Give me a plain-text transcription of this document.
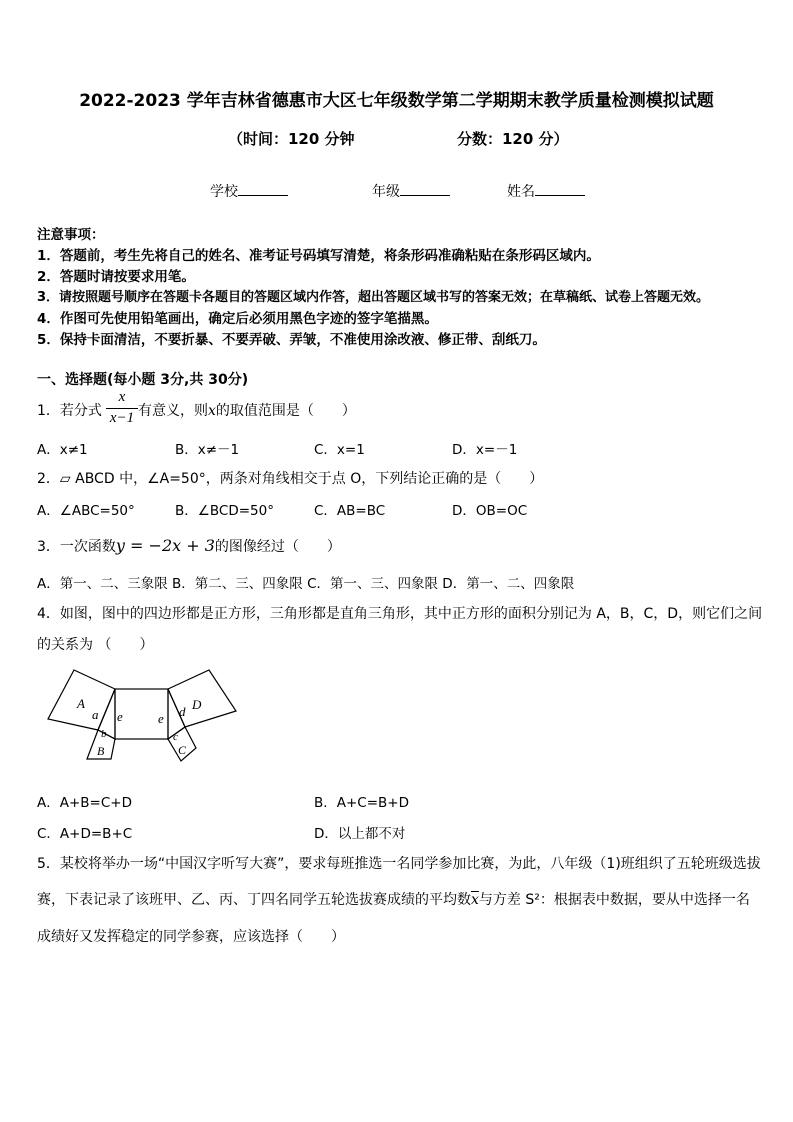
2022-2023 学年吉林省德惠市大区七年级数学第二学期期末教学质量检测模拟试题
（时间：120 分钟	分数：120 分）
学校	年级	姓名
注意事项：
1．答题前，考生先将自己的姓名、准考证号码填写清楚，将条形码准确粘贴在条形码区域内。
2．答题时请按要求用笔。
3．请按照题号顺序在答题卡各题目的答题区域内作答，超出答题区域书写的答案无效；在草稿纸、试卷上答题无效。
4．作图可先使用铅笔画出，确定后必须用黑色字迹的签字笔描黑。
5．保持卡面清洁，不要折暴、不要弄破、弄皱，不准使用涂改液、修正带、刮纸刀。
一、选择题(每小题 3分,共 30分)
1．若分式
x
x−1 有意义，则x的取值范围是（　　）
A．x≠1	B．x≠－1	C．x=1	D．x=－1
2．▱ ABCD 中，∠A=50°，两条对角线相交于点 O，下列结论正确的是（　　）
A．∠ABC=50°	B．∠BCD=50°	C．AB=BC	D．OB=OC
3．一次函数y = −2x + 3的图像经过（　　）
A．第一、二、三象限 B．第二、三、四象限 C．第一、三、四象限 D．第一、二、四象限
4．如图，图中的四边形都是正方形，三角形都是直角三角形，其中正方形的面积分别记为 A，B，C，D，则它们之间
的关系为 （　　）
A
a
b
B
e	e d D
c
C
A．A+B=C+D	B．A+C=B+D
C．A+D=B+C	D．以上都不对
5．某校将举办一场“中国汉字听写大赛”，要求每班推选一名同学参加比赛，为此，八年级（1)班组织了五轮班级选拔
赛，下表记录了该班甲、乙、丙、丁四名同学五轮选拔赛成绩的平均数$\overline{x}$与方差 S²：根据表中数据，要从中选择一名
成绩好又发挥稳定的同学参赛，应该选择（　　）
